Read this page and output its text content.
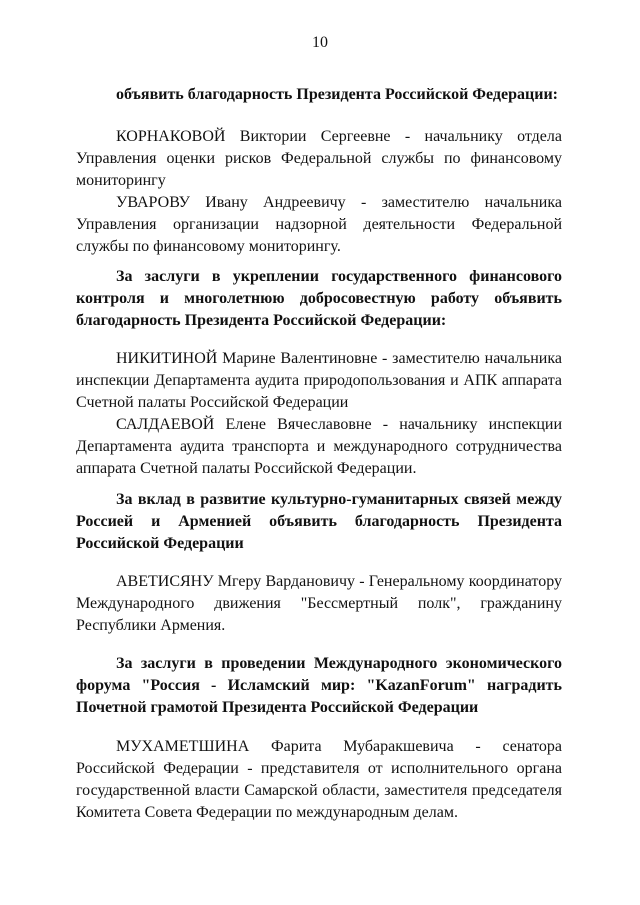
10

объявить благодарность Президента Российской Федерации:

КОРНАКОВОЙ Виктории Сергеевне - начальнику отдела Управления оценки рисков Федеральной службы по финансовому мониторингу

УВАРОВУ Ивану Андреевичу - заместителю начальника Управления организации надзорной деятельности Федеральной службы по финансовому мониторингу.

За заслуги в укреплении государственного финансового контроля и многолетнюю добросовестную работу объявить благодарность Президента Российской Федерации:

НИКИТИНОЙ Марине Валентиновне - заместителю начальника инспекции Департамента аудита природопользования и АПК аппарата Счетной палаты Российской Федерации

САЛДАЕВОЙ Елене Вячеславовне - начальнику инспекции Департамента аудита транспорта и международного сотрудничества аппарата Счетной палаты Российской Федерации.

За вклад в развитие культурно-гуманитарных связей между Россией и Арменией объявить благодарность Президента Российской Федерации

АВЕТИСЯНУ Мгеру Вардановичу - Генеральному координатору Международного движения "Бессмертный полк", гражданину Республики Армения.

За заслуги в проведении Международного экономического форума "Россия - Исламский мир: "KazanForum" наградить Почетной грамотой Президента Российской Федерации

МУХАМЕТШИНА Фарита Мубаракшевича - сенатора Российской Федерации - представителя от исполнительного органа государственной власти Самарской области, заместителя председателя Комитета Совета Федерации по международным делам.
